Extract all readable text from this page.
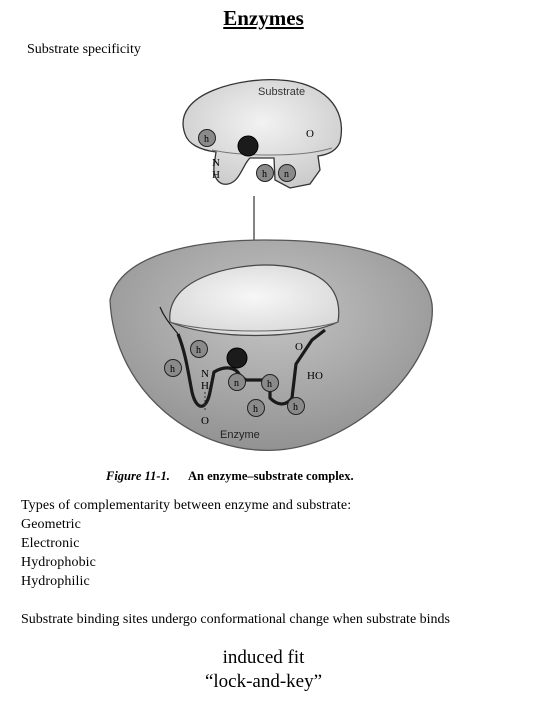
Enzymes
Substrate specificity
Substrate
h
h n
O
N
H
h
h
n	h
h	h
O
HO
N
H
O
Enzyme
Figure 11-1. An enzyme–substrate complex.
Types of complementarity between enzyme and substrate:
Geometric
Electronic
Hydrophobic
Hydrophilic
Substrate binding sites undergo conformational change when substrate binds
induced fit
“lock-and-key”
